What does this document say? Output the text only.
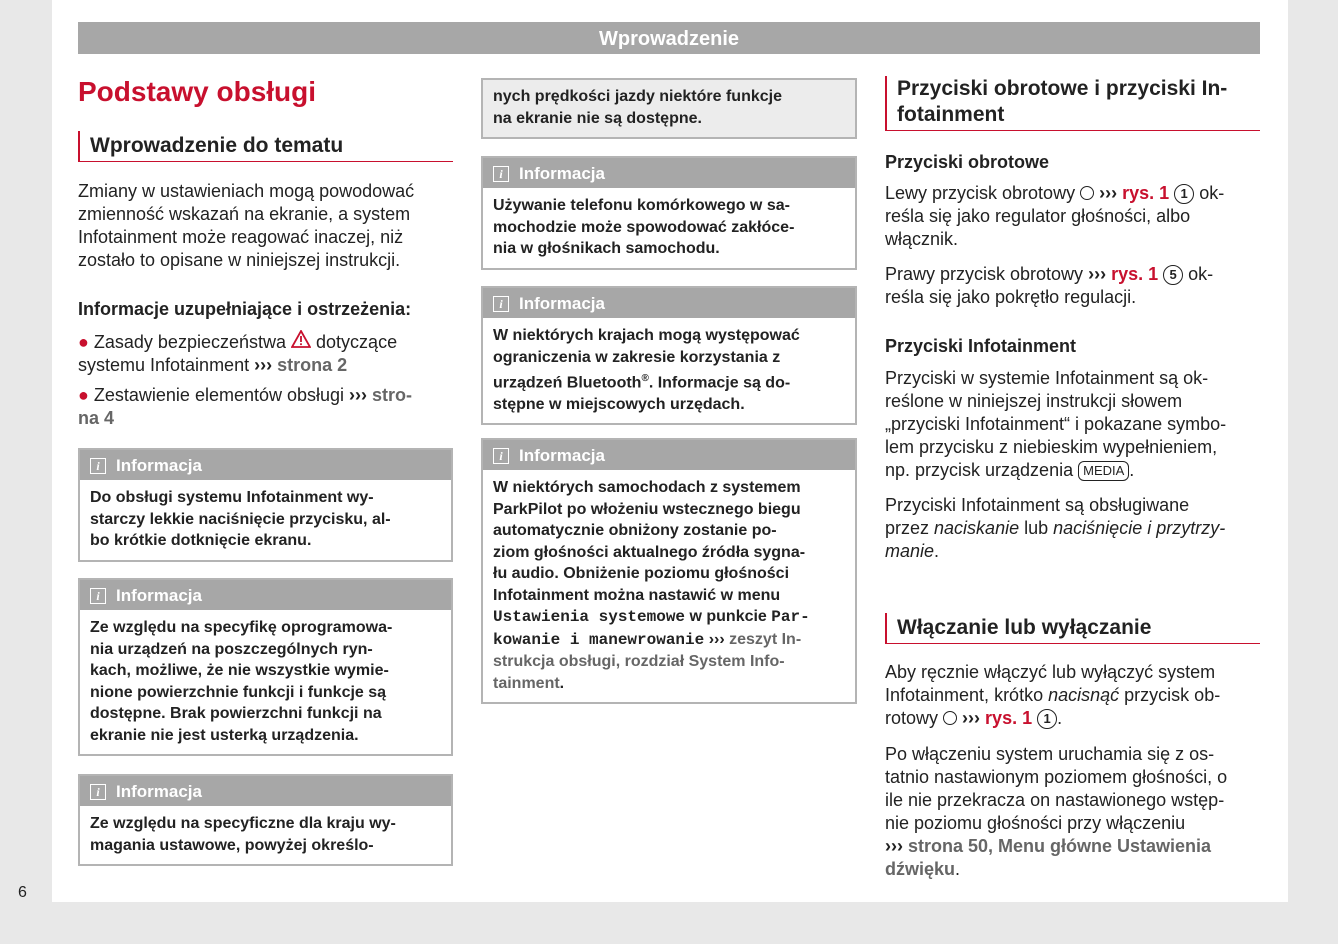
Wprowadzenie
6
Podstawy obsługi
Wprowadzenie do tematu
Zmiany w ustawieniach mogą powodować
zmienność wskazań na ekranie, a system
Infotainment może reagować inaczej, niż
zostało to opisane w niniejszej instrukcji.
Informacje uzupełniające i ostrzeżenia:
● Zasady bezpieczeństwa dotyczące
systemu Infotainment ››› strona 2
● Zestawienie elementów obsługi ››› stro-
na 4
i Informacja
Do obsługi systemu Infotainment wy-
starczy lekkie naciśnięcie przycisku, al-
bo krótkie dotknięcie ekranu.
i Informacja
Ze względu na specyfikę oprogramowa-
nia urządzeń na poszczególnych ryn-
kach, możliwe, że nie wszystkie wymie-
nione powierzchnie funkcji i funkcje są
dostępne. Brak powierzchni funkcji na
ekranie nie jest usterką urządzenia.
i Informacja
Ze względu na specyficzne dla kraju wy-
magania ustawowe, powyżej określo-
nych prędkości jazdy niektóre funkcje
na ekranie nie są dostępne.
i Informacja
Używanie telefonu komórkowego w sa-
mochodzie może spowodować zakłóce-
nia w głośnikach samochodu.
i Informacja
W niektórych krajach mogą występować
ograniczenia w zakresie korzystania z
urządzeń Bluetooth®. Informacje są do-
stępne w miejscowych urzędach.
i Informacja
W niektórych samochodach z systemem
ParkPilot po włożeniu wstecznego biegu
automatycznie obniżony zostanie po-
ziom głośności aktualnego źródła sygna-
łu audio. Obniżenie poziomu głośności
Infotainment można nastawić w menu
Ustawienia systemowe w punkcie Par-
kowanie i manewrowanie ››› zeszyt In-
strukcja obsługi, rozdział System Info-
tainment.
Przyciski obrotowe i przyciski In-
fotainment
Przyciski obrotowe
Lewy przycisk obrotowy ››› rys. 1 1 ok-
reśla się jako regulator głośności, albo
włącznik.
Prawy przycisk obrotowy ››› rys. 1 5 ok-
reśla się jako pokrętło regulacji.
Przyciski Infotainment
Przyciski w systemie Infotainment są ok-
reślone w niniejszej instrukcji słowem
„przyciski Infotainment“ i pokazane symbo-
lem przycisku z niebieskim wypełnieniem,
np. przycisk urządzenia MEDIA .
Przyciski Infotainment są obsługiwane
przez naciskanie lub naciśnięcie i przytrzy-
manie.
Włączanie lub wyłączanie
Aby ręcznie włączyć lub wyłączyć system
Infotainment, krótko nacisnąć przycisk ob-
rotowy ››› rys. 1 1 .
Po włączeniu system uruchamia się z os-
tatnio nastawionym poziomem głośności, o
ile nie przekracza on nastawionego wstęp-
nie poziomu głośności przy włączeniu
››› strona 50, Menu główne Ustawienia
dźwięku.
